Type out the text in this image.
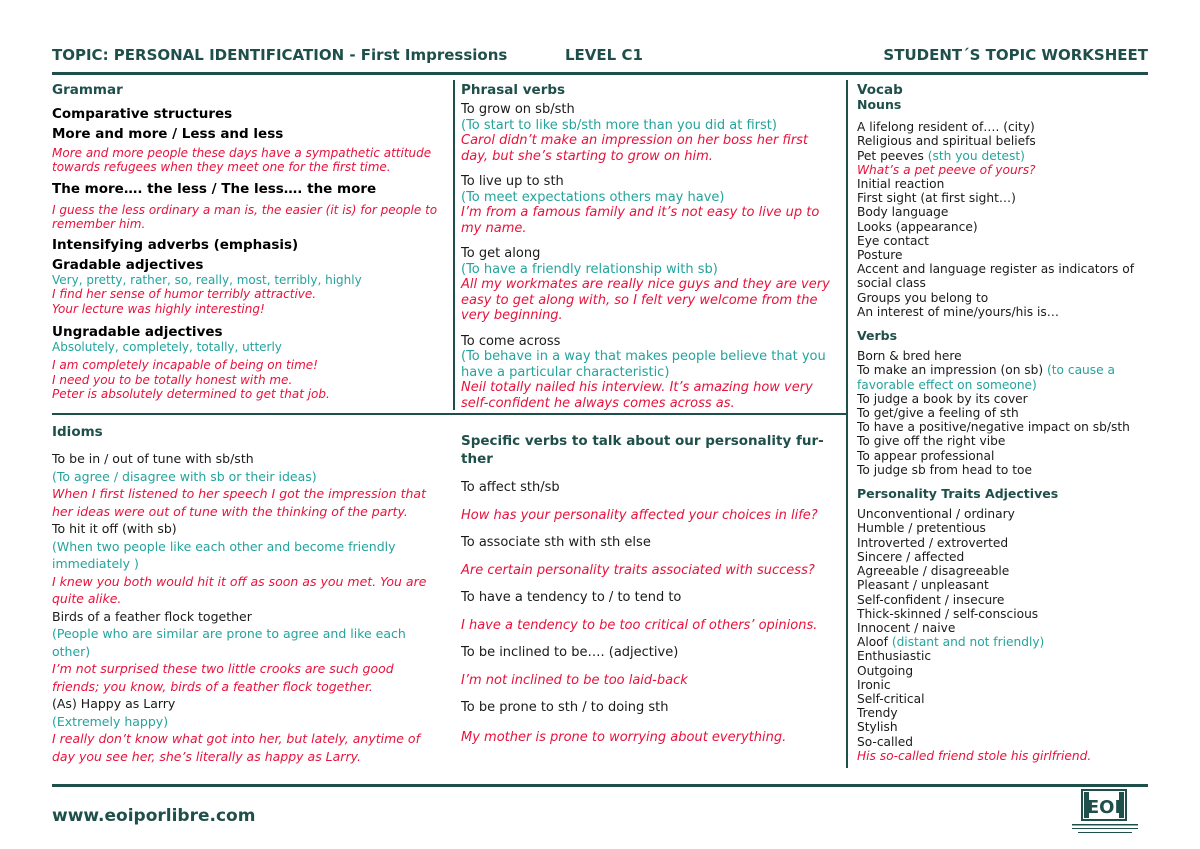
TOPIC: PERSONAL IDENTIFICATION - First Impressions	LEVEL C1	STUDENT´S TOPIC WORKSHEET
Grammar
Comparative structures
More and more / Less and less
More and more people these days have a sympathetic attitude towards refugees when they meet one for the first time.
The more…. the less / The less…. the more
I guess the less ordinary a man is, the easier (it is) for people to remember him.
Intensifying adverbs (emphasis)
Gradable adjectives
Very, pretty, rather, so, really, most, terribly, highly
I find her sense of humor terribly attractive.
Your lecture was highly interesting!
Ungradable adjectives
Absolutely, completely, totally, utterly
I am completely incapable of being on time!
I need you to be totally honest with me.
Peter is absolutely determined to get that job.
Idioms
To be in / out of tune with sb/sth
(To agree / disagree with sb or their ideas)
When I first listened to her speech I got the impression that her ideas were out of tune with the thinking of the party.
To hit it off (with sb)
(When two people like each other and become friendly immediately )
I knew you both would hit it off as soon as you met. You are quite alike.
Birds of a feather flock together
(People who are similar are prone to agree and like each other)
I’m not surprised these two little crooks are such good friends; you know, birds of a feather flock together.
(As) Happy as Larry
(Extremely happy)
I really don’t know what got into her, but lately, anytime of day you see her, she’s literally as happy as Larry.
Phrasal verbs
To grow on sb/sth
(To start to like sb/sth more than you did at first)
Carol didn’t make an impression on her boss her first day, but she’s starting to grow on him.
To live up to sth
(To meet expectations others may have)
I’m from a famous family and it’s not easy to live up to my name.
To get along
(To have a friendly relationship with sb)
All my workmates are really nice guys and they are very easy to get along with, so I felt very welcome from the very beginning.
To come across
(To behave in a way that makes people believe that you have a particular characteristic)
Neil totally nailed his interview. It’s amazing how very self-confident he always comes across as.
Specific verbs to talk about our personality fur-ther
To affect sth/sb
How has your personality affected your choices in life?
To associate sth with sth else
Are certain personality traits associated with success?
To have a tendency to / to tend to
I have a tendency to be too critical of others’ opinions.
To be inclined to be…. (adjective)
I’m not inclined to be too laid-back
To be prone to sth / to doing sth
My mother is prone to worrying about everything.
Vocab
Nouns
A lifelong resident of…. (city)
Religious and spiritual beliefs
Pet peeves (sth you detest)
What’s a pet peeve of yours?
Initial reaction
First sight (at first sight…)
Body language
Looks (appearance)
Eye contact
Posture
Accent and language register as indicators of social class
Groups you belong to
An interest of mine/yours/his is…
Verbs
Born & bred here
To make an impression (on sb) (to cause a favorable effect on someone)
To judge a book by its cover
To get/give a feeling of sth
To have a positive/negative impact on sb/sth
To give off the right vibe
To appear professional
To judge sb from head to toe
Personality Traits Adjectives
Unconventional / ordinary
Humble / pretentious
Introverted / extroverted
Sincere / affected
Agreeable / disagreeable
Pleasant / unpleasant
Self-confident / insecure
Thick-skinned / self-conscious
Innocent / naive
Aloof (distant and not friendly)
Enthusiastic
Outgoing
Ironic
Self-critical
Trendy
Stylish
So-called
His so-called friend stole his girlfriend.
www.eoiporlibre.com	EOI
